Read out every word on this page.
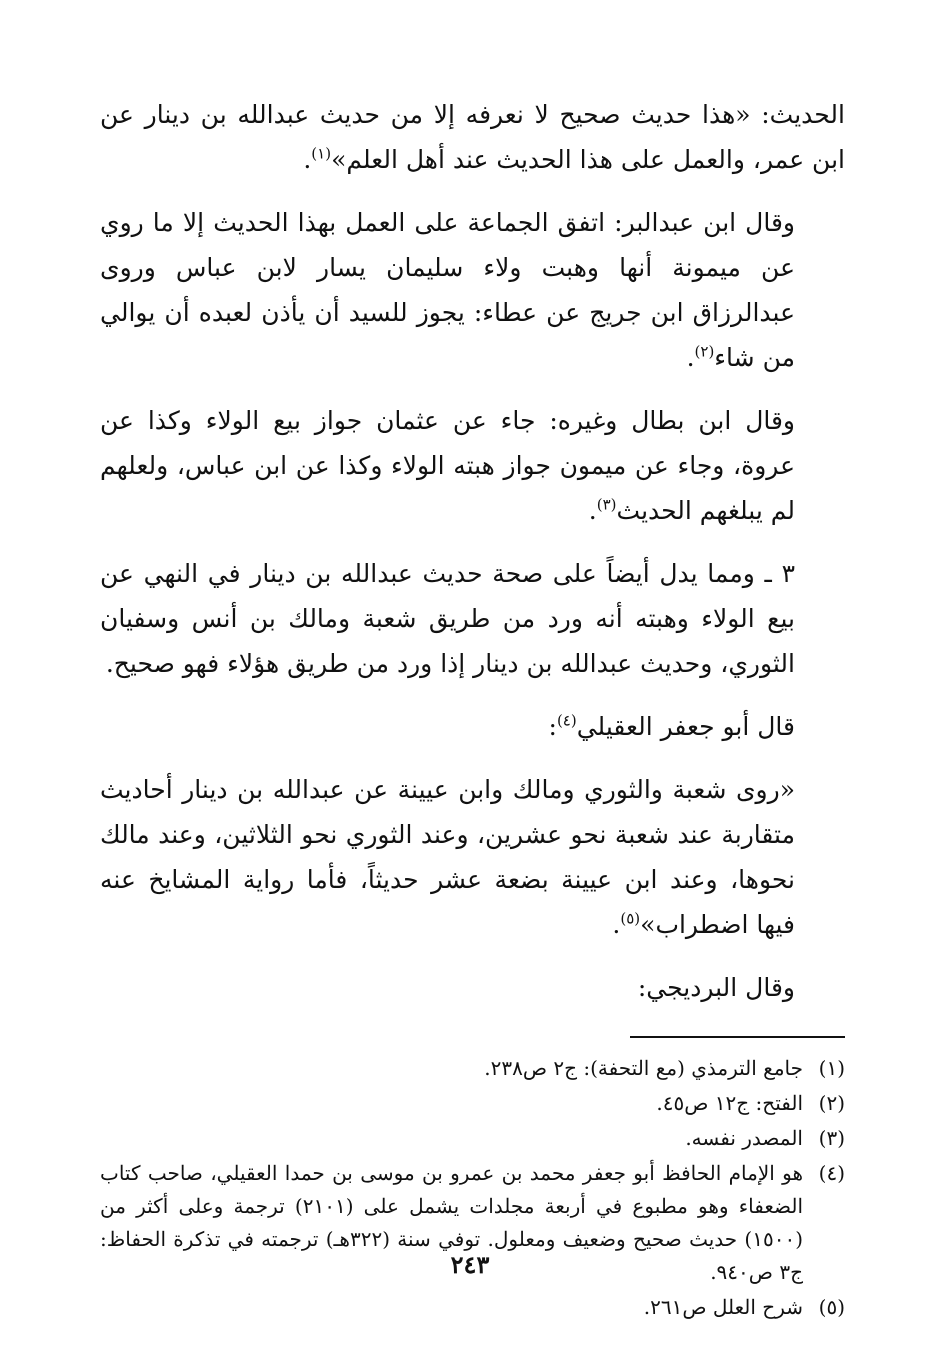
الحديث: «هذا حديث صحيح لا نعرفه إلا من حديث عبدالله بن دينار عن ابن عمر، والعمل على هذا الحديث عند أهل العلم»$^{(١)}$.

وقال ابن عبدالبر: اتفق الجماعة على العمل بهذا الحديث إلا ما روي عن ميمونة أنها وهبت ولاء سليمان يسار لابن عباس وروى عبدالرزاق ابن جريج عن عطاء: يجوز للسيد أن يأذن لعبده أن يوالي من شاء$^{(٢)}$.

وقال ابن بطال وغيره: جاء عن عثمان جواز بيع الولاء وكذا عن عروة، وجاء عن ميمون جواز هبته الولاء وكذا عن ابن عباس، ولعلهم لم يبلغهم الحديث$^{(٣)}$.

٣ ـ ومما يدل أيضاً على صحة حديث عبدالله بن دينار في النهي عن بيع الولاء وهبته أنه ورد من طريق شعبة ومالك بن أنس وسفيان الثوري، وحديث عبدالله بن دينار إذا ورد من طريق هؤلاء فهو صحيح.

قال أبو جعفر العقيلي$^{(٤)}$:

«روى شعبة والثوري ومالك وابن عيينة عن عبدالله بن دينار أحاديث متقاربة عند شعبة نحو عشرين، وعند الثوري نحو الثلاثين، وعند مالك نحوها، وعند ابن عيينة بضعة عشر حديثاً، فأما رواية المشايخ عنه فيها اضطراب»$^{(٥)}$.

وقال البرديجي:

(١)
جامع الترمذي (مع التحفة): ج٢ ص٢٣٨.
(٢)
الفتح: ج١٢ ص٤٥.
(٣)
المصدر نفسه.
(٤)
هو الإمام الحافظ أبو جعفر محمد بن عمرو بن موسى بن حمدا العقيلي، صاحب كتاب الضعفاء وهو مطبوع في أربعة مجلدات يشمل على (٢١٠١) ترجمة وعلى أكثر من (١٥٠٠) حديث صحيح وضعيف ومعلول. توفي سنة (٣٢٢هـ) ترجمته في تذكرة الحفاظ: ج٣ ص٩٤٠.
(٥)
شرح العلل ص٢٦١.
٢٤٣
